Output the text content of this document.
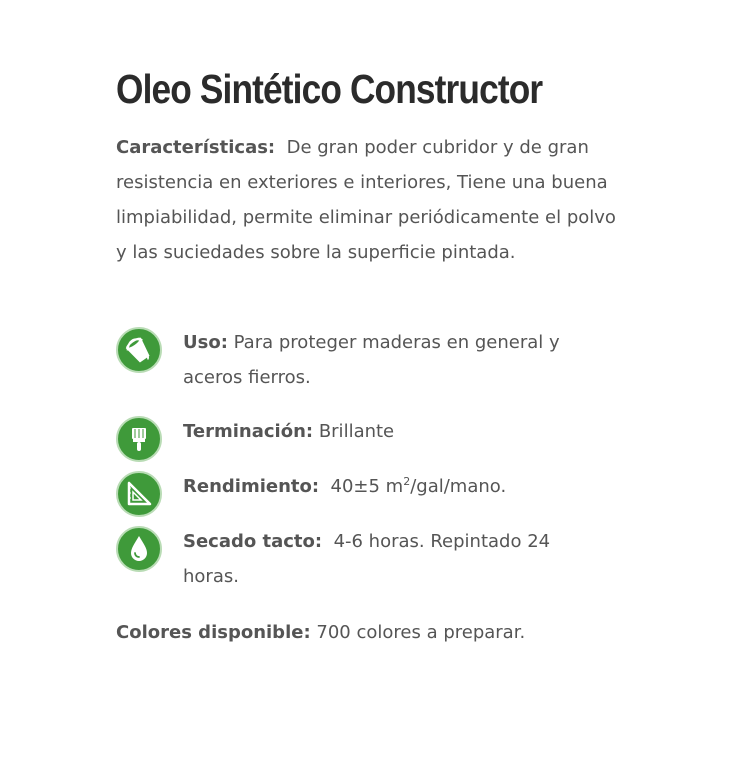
Oleo Sintético Constructor
Características: De gran poder cubridor y de gran resistencia en exteriores e interiores, Tiene una buena limpiabilidad, permite eliminar periódicamente el polvo y las suciedades sobre la superficie pintada.
Uso: Para proteger maderas en general y aceros fierros.
Terminación: Brillante
Rendimiento: 40±5 $m^2/gal$/mano.
Secado tacto: 4-6 horas. Repintado 24 horas.
Colores disponible: 700 colores a preparar.
